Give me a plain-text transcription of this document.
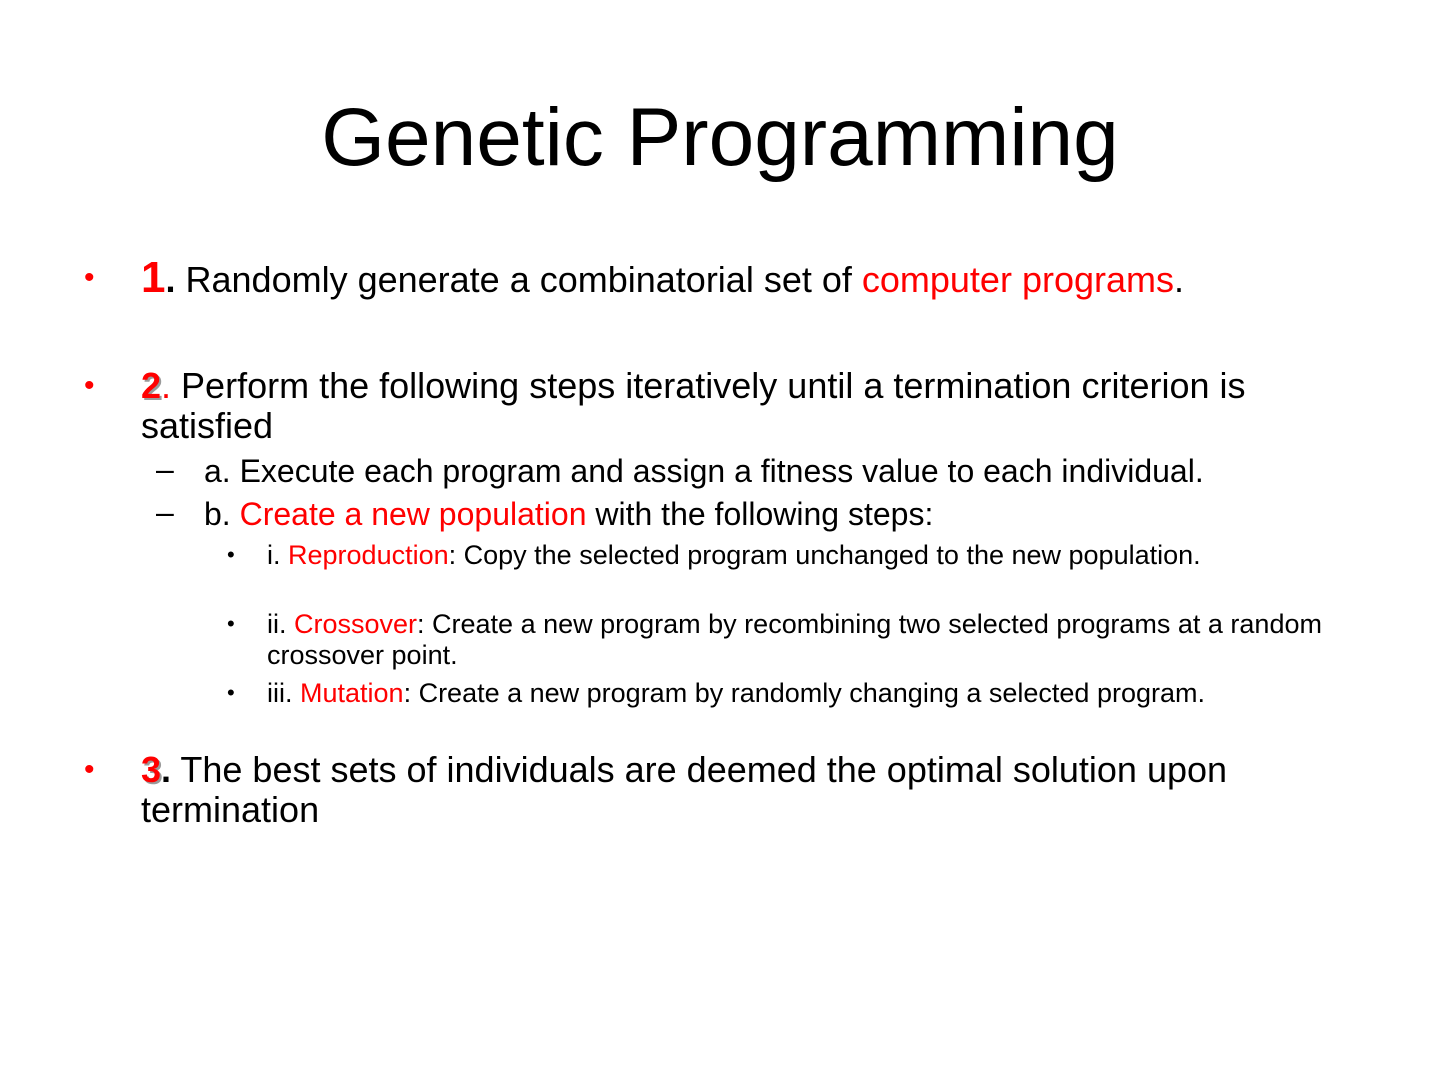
Genetic Programming

• 1. Randomly generate a combinatorial set of computer programs.

• 2. Perform the following steps iteratively until a termination criterion is satisfied

– a. Execute each program and assign a fitness value to each individual.

– b. Create a new population with the following steps:

• i. Reproduction: Copy the selected program unchanged to the new population.

• ii. Crossover: Create a new program by recombining two selected programs at a random crossover point.

• iii. Mutation: Create a new program by randomly changing a selected program.

• 3. The best sets of individuals are deemed the optimal solution upon termination
